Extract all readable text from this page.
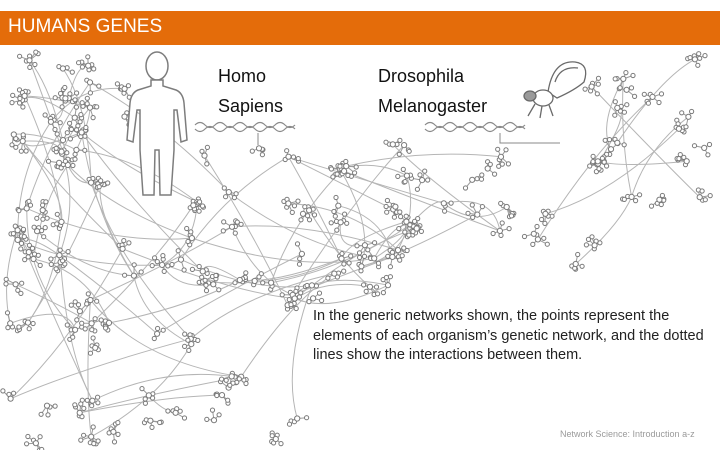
HUMANS GENES
Homo
Sapiens
Drosophila
Melanogaster
In the generic networks shown, the points represent the elements of each organism’s genetic network, and the dotted lines show the interactions between them.
Network Science: Introduction a-z
